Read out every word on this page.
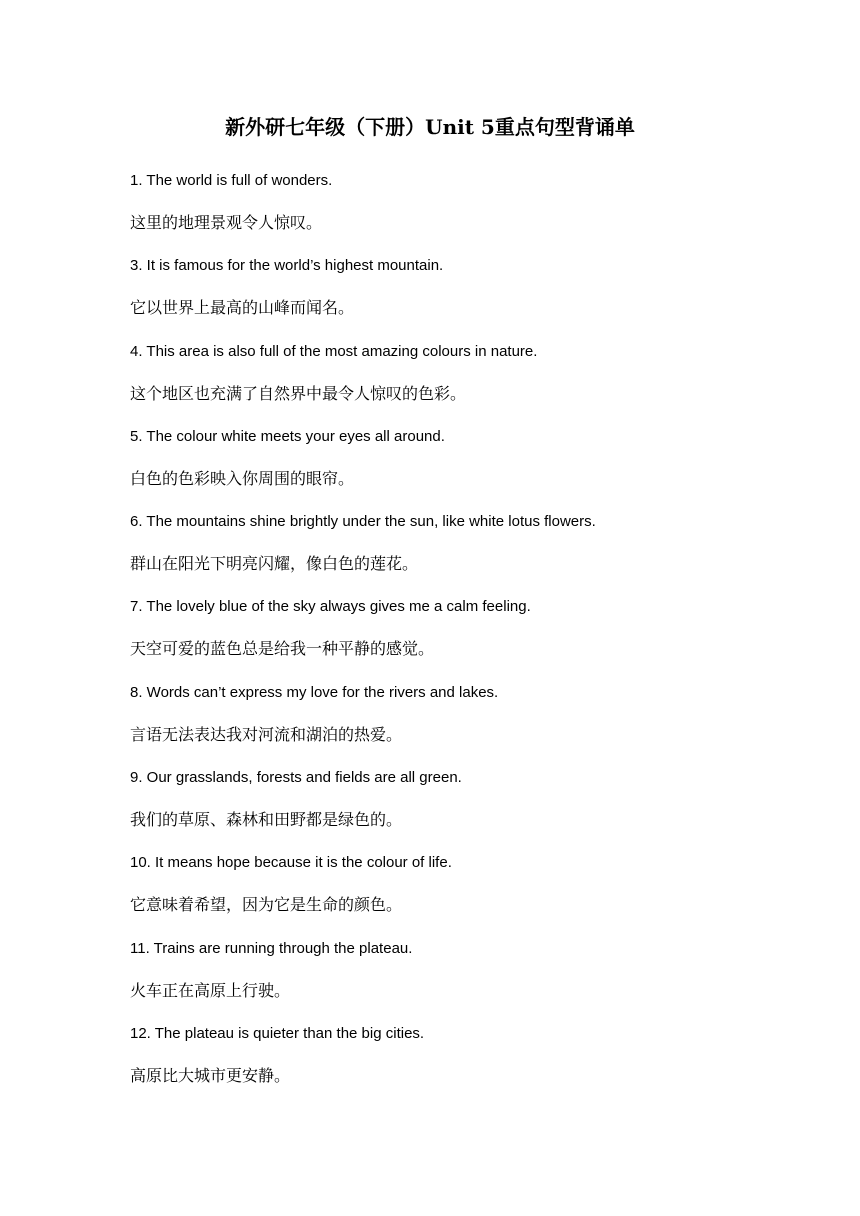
新外研七年级（下册）Unit 5重点句型背诵单
1. The world is full of wonders.
这里的地理景观令人惊叹。
3. It is famous for the world’s highest mountain.
它以世界上最高的山峰而闻名。
4. This area is also full of the most amazing colours in nature.
这个地区也充满了自然界中最令人惊叹的色彩。
5. The colour white meets your eyes all around.
白色的色彩映入你周围的眼帘。
6. The mountains shine brightly under the sun, like white lotus flowers.
群山在阳光下明亮闪耀，像白色的莲花。
7. The lovely blue of the sky always gives me a calm feeling.
天空可爱的蓝色总是给我一种平静的感觉。
8. Words can’t express my love for the rivers and lakes.
言语无法表达我对河流和湖泊的热爱。
9. Our grasslands, forests and fields are all green.
我们的草原、森林和田野都是绿色的。
10. It means hope because it is the colour of life.
它意味着希望，因为它是生命的颜色。
11. Trains are running through the plateau.
火车正在高原上行驶。
12. The plateau is quieter than the big cities.
高原比大城市更安静。
